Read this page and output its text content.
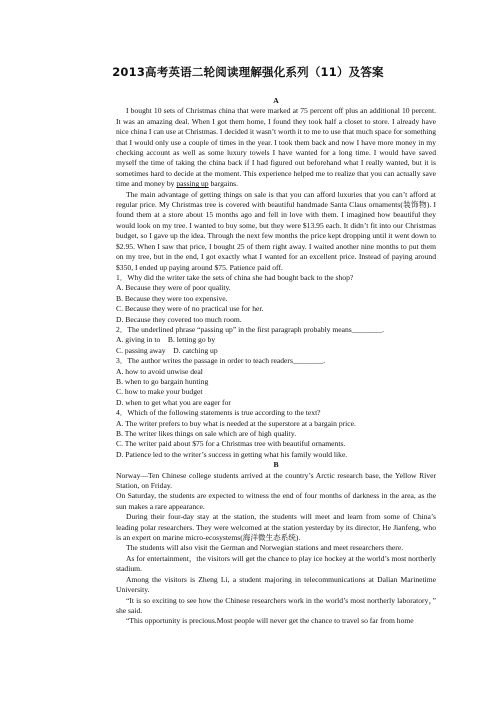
2013高考英语二轮阅读理解强化系列（11）及答案

A

I bought 10 sets of Christmas china that were marked at 75 percent off plus an additional 10 percent. It was an amazing deal. When I got them home, I found they took half a closet to store. I already have nice china I can use at Christmas. I decided it wasn’t worth it to me to use that much space for something that I would only use a couple of times in the year. I took them back and now I have more money in my checking account as well as some luxury towels I have wanted for a long time. I would have saved myself the time of taking the china back if I had figured out beforehand what I really wanted, but it is sometimes hard to decide at the moment. This experience helped me to realize that you can actually save time and money by passing up bargains.

The main advantage of getting things on sale is that you can afford luxuries that you can’t afford at regular price. My Christmas tree is covered with beautiful handmade Santa Claus ornaments(装饰物). I found them at a store about 15 months ago and fell in love with them. I imagined how beautiful they would look on my tree. I wanted to buy some, but they were $13.95 each. It didn’t fit into our Christmas budget, so I gave up the idea. Through the next few months the price kept dropping until it went down to $2.95. When I saw that price, I bought 25 of them right away. I waited another nine months to put them on my tree, but in the end, I got exactly what I wanted for an excellent price. Instead of paying around $350, I ended up paying around $75. Patience paid off.

1．Why did the writer take the sets of china she had bought back to the shop?

A. Because they were of poor quality.

B. Because they were too expensive.

C. Because they were of no practical use for her.

D. Because they covered too much room.

2．The underlined phrase “passing up” in the first paragraph probably means________.

A. giving in to　B. letting go by

C. passing away　D. catching up

3．The author writes the passage in order to teach readers________.

A. how to avoid unwise deal

B. when to go bargain hunting

C. how to make your budget

D. when to get what you are eager for

4．Which of the following statements is true according to the text?

A. The writer prefers to buy what is needed at the superstore at a bargain price.

B. The writer likes things on sale which are of high quality.

C. The writer paid about $75 for a Christmas tree with beautiful ornaments.

D. Patience led to the writer’s success in getting what his family would like.

B

Norway—Ten Chinese college students arrived at the country’s Arctic research base, the Yellow River Station, on Friday.

On Saturday, the students are expected to witness the end of four months of darkness in the area, as the sun makes a rare appearance.

During their four-day stay at the station, the students will meet and learn from some of China’s leading polar researchers. They were welcomed at the station yesterday by its director, He Jianfeng, who is an expert on marine micro-ecosystems(海洋微生态系统).

The students will also visit the German and Norwegian stations and meet researchers there.

As for entertainment，the visitors will get the chance to play ice hockey at the world’s most northerly stadium.

Among the visitors is Zheng Li, a student majoring in telecommunications at Dalian Marinetime University.

“It is so exciting to see how the Chinese researchers work in the world’s most northerly laboratory，” she said.

“This opportunity is precious.Most people will never get the chance to travel so far from home
